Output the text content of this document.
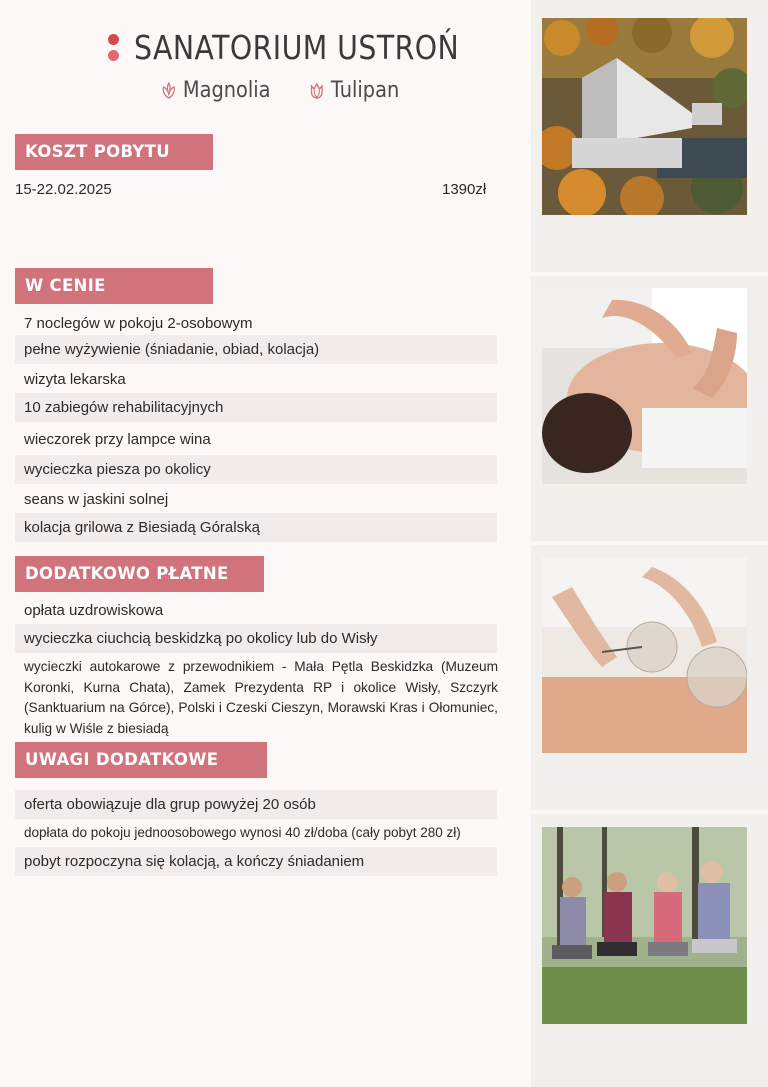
SANATORIUM USTROŃ
Magnolia	Tulipan
KOSZT POBYTU
15-22.02.2025	1390zł
W CENIE
7 noclegów w pokoju 2-osobowym
pełne wyżywienie (śniadanie, obiad, kolacja)
wizyta lekarska
10 zabiegów rehabilitacyjnych
wieczorek przy lampce wina
wycieczka piesza po okolicy
seans w jaskini solnej
kolacja grilowa z Biesiadą Góralską
DODATKOWO PŁATNE
opłata uzdrowiskowa
wycieczka ciuchcią beskidzką po okolicy lub do Wisły
wycieczki autokarowe z przewodnikiem - Mała Pętla Beskidzka (Muzeum Koronki, Kurna Chata), Zamek Prezydenta RP i okolice Wisły, Szczyrk (Sanktuarium na Górce), Polski i Czeski Cieszyn, Morawski Kras i Ołomuniec, kulig w Wiśle z biesiadą
UWAGI DODATKOWE
oferta obowiązuje dla grup powyżej 20 osób
dopłata do pokoju jednoosobowego wynosi 40 zł/doba (cały pobyt 280 zł)
pobyt rozpoczyna się kolacją, a kończy śniadaniem
